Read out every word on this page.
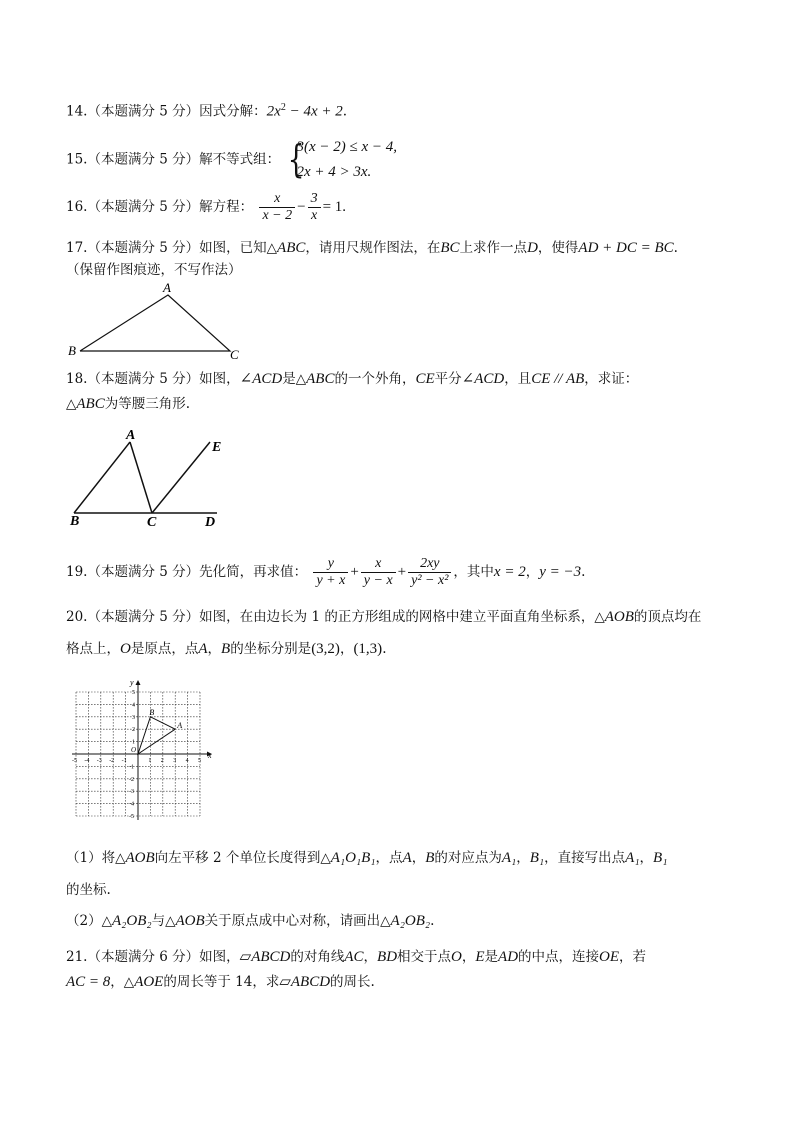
14.（本题满分 5 分）因式分解：$2x^2 - 4x + 2$.
15.（本题满分 5 分）解不等式组： {
3(x − 2) ≤ x − 4,
2x + 4 > 3x.
16.（本题满分 5 分）解方程： $\frac{x}{x - 2} - \frac{3}{x} = 1$.
17.（本题满分 5 分）如图，已知△ABC，请用尺规作图法，在BC上求作一点D，使得AD + DC = BC.
（保留作图痕迹，不写作法）
A
B	C
18.（本题满分 5 分）如图，∠ACD是△ABC的一个外角，CE平分∠ACD，且CE // AB，求证：
△ABC为等腰三角形.
A
B	C	D
E
19.（本题满分 5 分）先化简，再求值： $\frac{y}{y + x} + \frac{x}{y - x} + \frac{2xy}{\text{y² − x²}}$ ，其中x = 2，y = −3.
20.（本题满分 5 分）如图，在由边长为 1 的正方形组成的网格中建立平面直角坐标系，△AOB的顶点均在
格点上，O是原点，点A，B的坐标分别是(3,2)，(1,3).
x
y
-5 -4 -3 -2 -1	1 2 3 4 5
5
4
3
2
1
-1
-2
-3
-4
-5
O
A
B
（1）将△AOB向左平移 2 个单位长度得到△A₁O₁B₁，点A，B的对应点为A₁，B₁，直接写出点A₁，B₁
的坐标.
（2）△A₂OB₂与△AOB关于原点成中心对称，请画出△A₂OB₂.
21.（本题满分 6 分）如图，▱ABCD的对角线AC，BD相交于点O，E是AD的中点，连接OE，若
AC = 8，△AOE的周长等于 14，求▱ABCD的周长.
